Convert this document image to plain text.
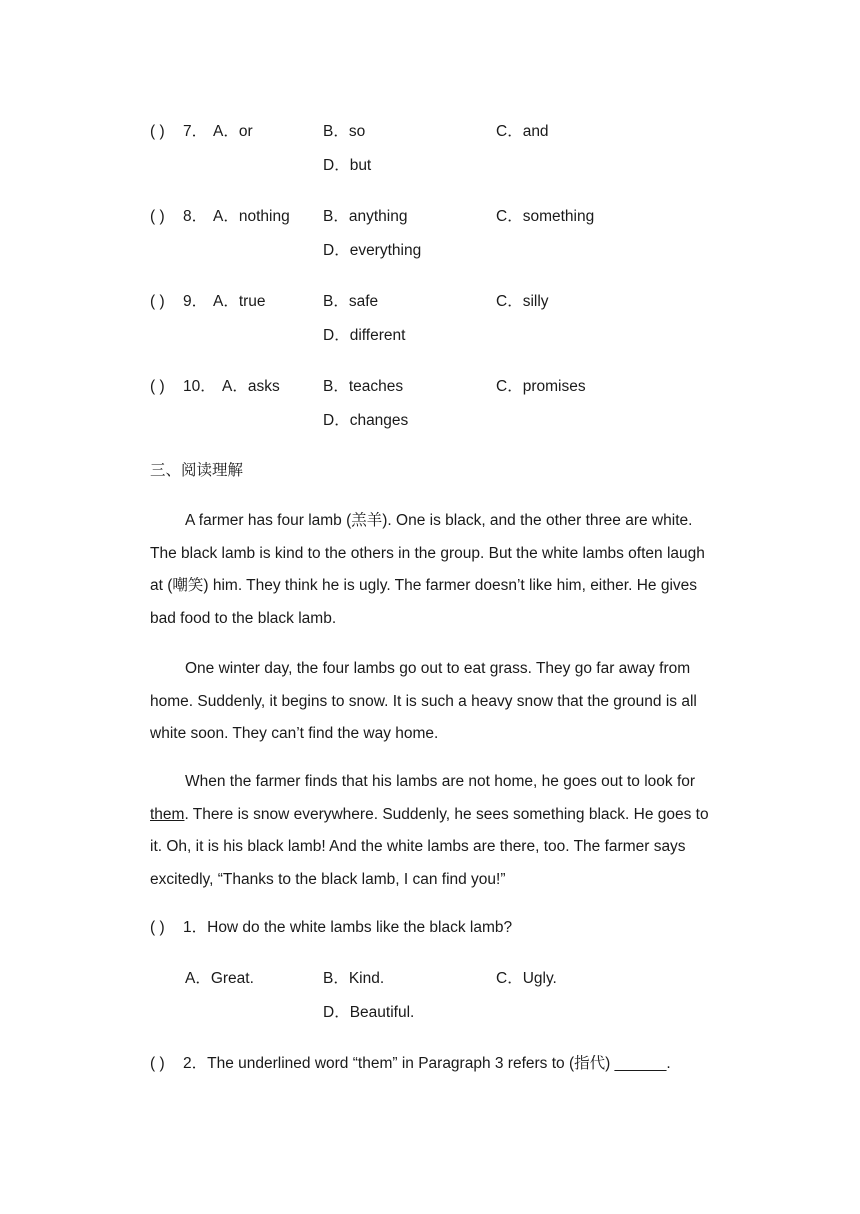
( ) 7． A．or	B．so	C．and
D．but
( ) 8． A．nothing B．anything	C．something
D．everything
( ) 9． A．true	B．safe	C．silly
D．different
( ) 10． A．asks	B．teaches	C．promises
D．changes
三、阅读理解

A farmer has four lamb (羔羊). One is black, and the other three are white. The black lamb is kind to the others in the group. But the white lambs often laugh at (嘲笑) him. They think he is ugly. The farmer doesn’t like him, either. He gives bad food to the black lamb.

One winter day, the four lambs go out to eat grass. They go far away from home. Suddenly, it begins to snow. It is such a heavy snow that the ground is all white soon. They can’t find the way home.

When the farmer finds that his lambs are not home, he goes out to look for them. There is snow everywhere. Suddenly, he sees something black. He goes to it. Oh, it is his black lamb! And the white lambs are there, too. The farmer says excitedly, “Thanks to the black lamb, I can find you!”

( ) 1．How do the white lambs like the black lamb?
A．Great.	B．Kind.	C．Ugly.
D．Beautiful.
( ) 2．The underlined word “them” in Paragraph 3 refers to (指代) ______.
